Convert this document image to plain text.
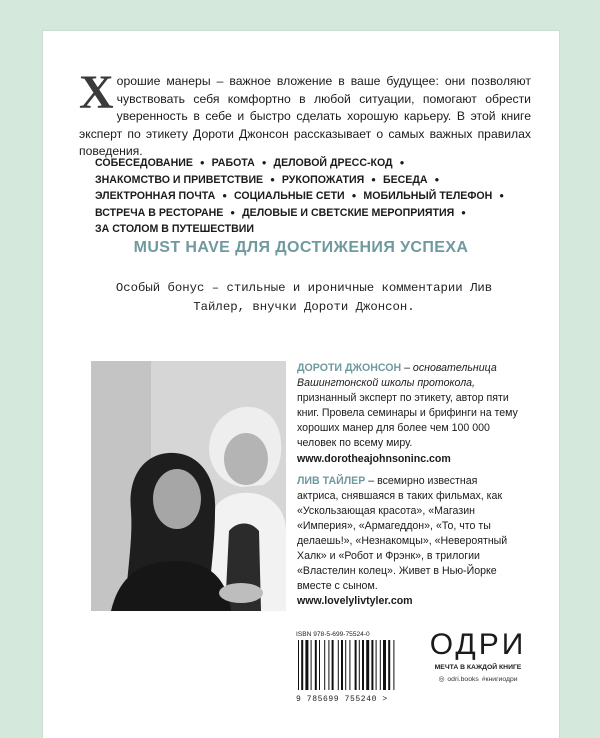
Хорошие манеры – важное вложение в ваше будущее: они позволяют чувствовать себя комфортно в любой ситуации, помогают обрести уверенность в себе и быстро сделать хорошую карьеру. В этой книге эксперт по этикету Дороти Джонсон рассказывает о самых важных правилах поведения.
СОБЕСЕДОВАНИЕ ● РАБОТА ● ДЕЛОВОЙ ДРЕСС-КОД ● ЗНАКОМСТВО И ПРИВЕТСТВИЕ ● РУКОПОЖАТИЯ ● БЕСЕДА ● ЭЛЕКТРОННАЯ ПОЧТА ● СОЦИАЛЬНЫЕ СЕТИ ● МОБИЛЬНЫЙ ТЕЛЕФОН ● ВСТРЕЧА В РЕСТОРАНЕ ● ДЕЛОВЫЕ И СВЕТСКИЕ МЕРОПРИЯТИЯ ● ЗА СТОЛОМ В ПУТЕШЕСТВИИ
MUST HAVE ДЛЯ ДОСТИЖЕНИЯ УСПЕХА
Особый бонус – стильные и ироничные комментарии Лив Тайлер, внучки Дороти Джонсон.

ДОРОТИ ДЖОНСОН – основательница Вашингтонской школы протокола, признанный эксперт по этикету, автор пяти книг. Провела семинары и брифинги на тему хороших манер для более чем 100 000 человек по всему миру.
www.dorotheajohnsoninc.com

ЛИВ ТАЙЛЕР – всемирно известная актриса, снявшаяся в таких фильмах, как «Ускользающая красота», «Магазин «Империя», «Армагеддон», «То, что ты делаешь!», «Незнакомцы», «Невероятный Халк» и «Робот и Фрэнк», в трилогии «Властелин колец». Живет в Нью-Йорке вместе с сыном.
www.lovelylivtyler.com

ISBN 978-5-699-75524-0
9 785699 755240 >
ОДРИ
МЕЧТА В КАЖДОЙ КНИГЕ
◎ odri.books #книгиодри
